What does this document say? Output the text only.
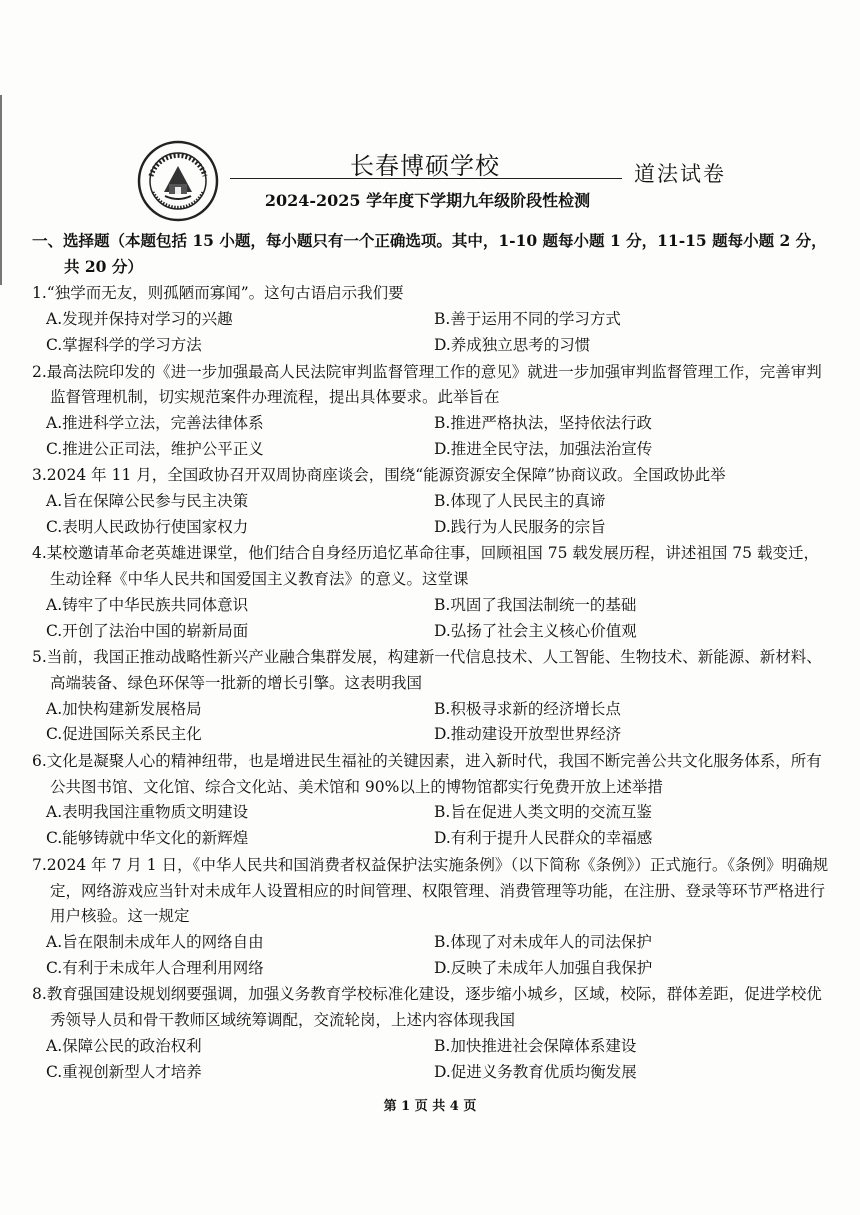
长春博硕学校	道法试卷
2024-2025 学年度下学期九年级阶段性检测
一、选择题（本题包括 15 小题，每小题只有一个正确选项。其中，1-10 题每小题 1 分，11-15 题每小题 2 分，共 20 分）
1.“独学而无友，则孤陋而寡闻”。这句古语启示我们要
A.发现并保持对学习的兴趣	B.善于运用不同的学习方式
C.掌握科学的学习方法	D.养成独立思考的习惯
2.最高法院印发的《进一步加强最高人民法院审判监督管理工作的意见》就进一步加强审判监督管理工作，完善审判监督管理机制，切实规范案件办理流程，提出具体要求。此举旨在
A.推进科学立法，完善法律体系	B.推进严格执法，坚持依法行政
C.推进公正司法，维护公平正义	D.推进全民守法，加强法治宣传
3.2024 年 11 月，全国政协召开双周协商座谈会，围绕“能源资源安全保障”协商议政。全国政协此举
A.旨在保障公民参与民主决策	B.体现了人民民主的真谛
C.表明人民政协行使国家权力	D.践行为人民服务的宗旨
4.某校邀请革命老英雄进课堂，他们结合自身经历追忆革命往事，回顾祖国 75 载发展历程，讲述祖国 75 载变迁，生动诠释《中华人民共和国爱国主义教育法》的意义。这堂课
A.铸牢了中华民族共同体意识	B.巩固了我国法制统一的基础
C.开创了法治中国的崭新局面	D.弘扬了社会主义核心价值观
5.当前，我国正推动战略性新兴产业融合集群发展，构建新一代信息技术、人工智能、生物技术、新能源、新材料、高端装备、绿色环保等一批新的增长引擎。这表明我国
A.加快构建新发展格局	B.积极寻求新的经济增长点
C.促进国际关系民主化	D.推动建设开放型世界经济
6.文化是凝聚人心的精神纽带，也是增进民生福祉的关键因素，进入新时代，我国不断完善公共文化服务体系，所有公共图书馆、文化馆、综合文化站、美术馆和 90%以上的博物馆都实行免费开放上述举措
A.表明我国注重物质文明建设	B.旨在促进人类文明的交流互鉴
C.能够铸就中华文化的新辉煌	D.有利于提升人民群众的幸福感
7.2024 年 7 月 1 日，《中华人民共和国消费者权益保护法实施条例》（以下简称《条例》）正式施行。《条例》明确规定，网络游戏应当针对未成年人设置相应的时间管理、权限管理、消费管理等功能，在注册、登录等环节严格进行用户核验。这一规定
A.旨在限制未成年人的网络自由	B.体现了对未成年人的司法保护
C.有利于未成年人合理利用网络	D.反映了未成年人加强自我保护
8.教育强国建设规划纲要强调，加强义务教育学校标准化建设，逐步缩小城乡，区域，校际，群体差距，促进学校优秀领导人员和骨干教师区域统筹调配，交流轮岗，上述内容体现我国
A.保障公民的政治权利	B.加快推进社会保障体系建设
C.重视创新型人才培养	D.促进义务教育优质均衡发展
第 1 页 共 4 页
